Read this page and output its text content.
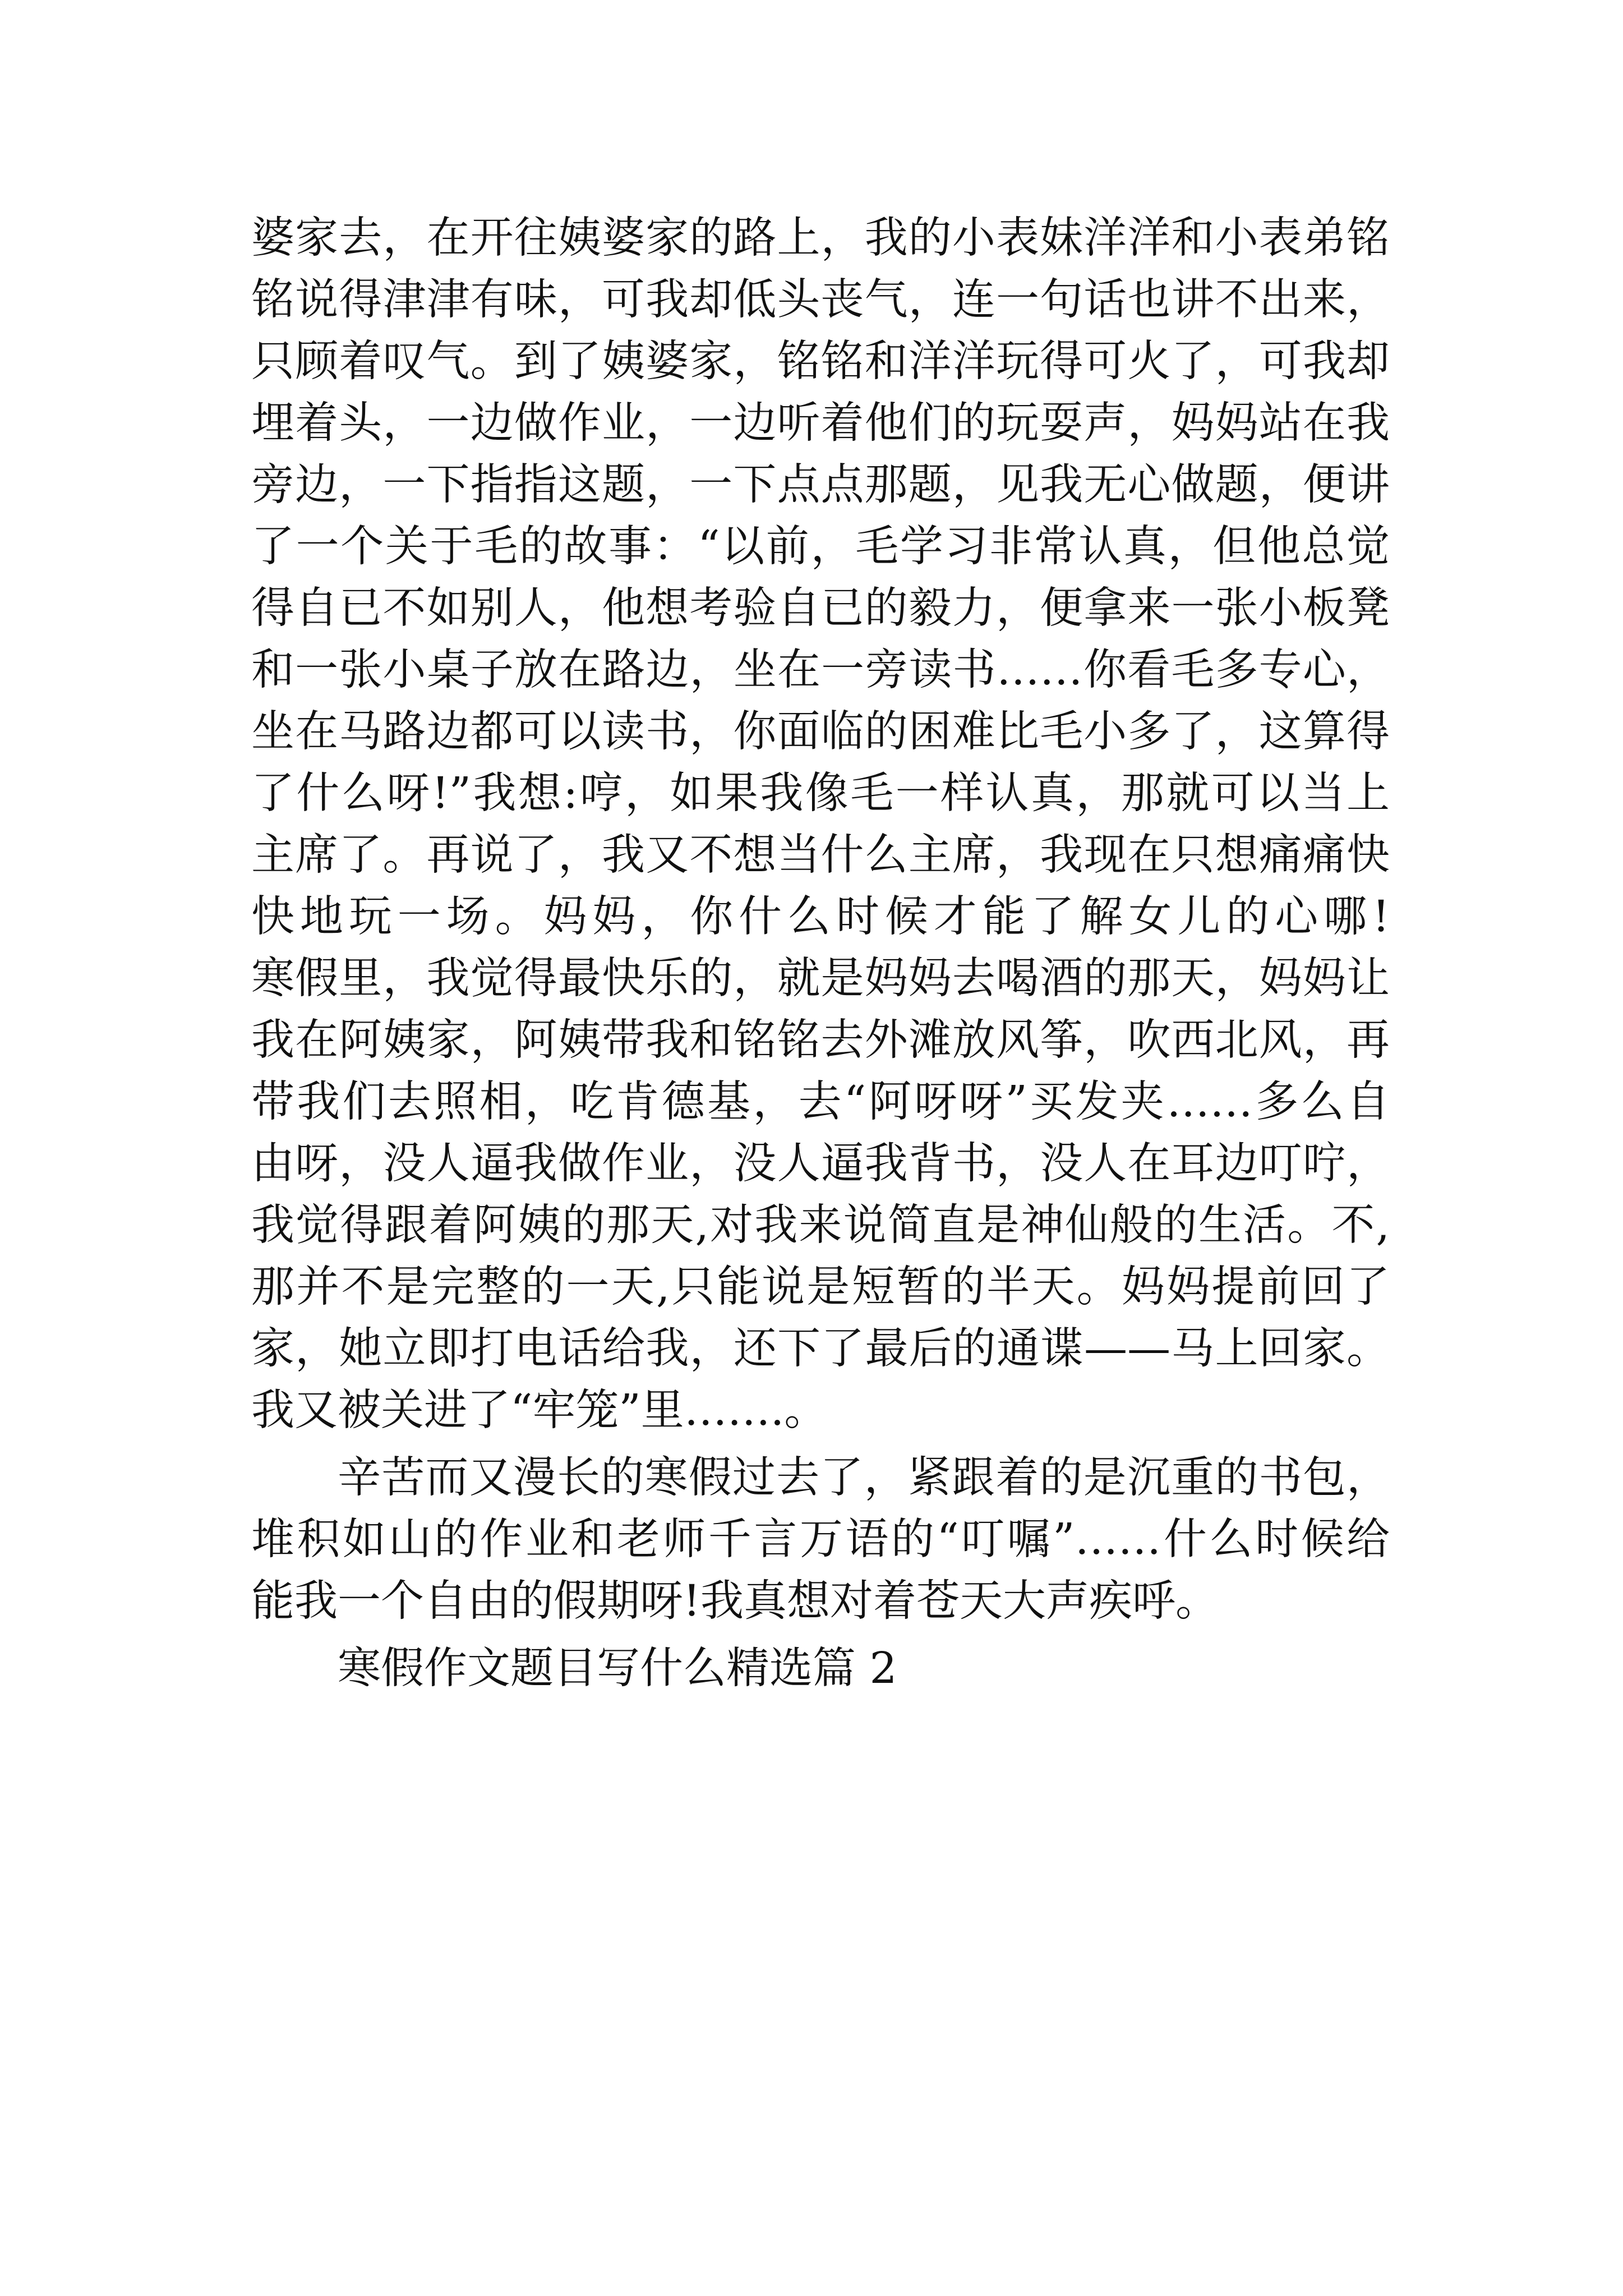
婆家去，在开往姨婆家的路上，我的小表妹洋洋和小表弟铭
铭说得津津有味，可我却低头丧气，连一句话也讲不出来，
只顾着叹气。到了姨婆家，铭铭和洋洋玩得可火了，可我却
埋着头，一边做作业，一边听着他们的玩耍声，妈妈站在我
旁边，一下指指这题，一下点点那题，见我无心做题，便讲
了一个关于毛的故事：“以前，毛学习非常认真，但他总觉
得自已不如别人，他想考验自已的毅力，便拿来一张小板凳
和一张小桌子放在路边，坐在一旁读书……你看毛多专心，
坐在马路边都可以读书，你面临的困难比毛小多了，这算得
了什么呀!”我想:哼，如果我像毛一样认真，那就可以当上
主席了。再说了，我又不想当什么主席，我现在只想痛痛快
快地玩一场。妈妈，你什么时候才能了解女儿的心哪!
寒假里，我觉得最快乐的，就是妈妈去喝酒的那天，妈妈让
我在阿姨家，阿姨带我和铭铭去外滩放风筝，吹西北风，再
带我们去照相，吃肯德基，去“阿呀呀”买发夹……多么自
由呀，没人逼我做作业，没人逼我背书，没人在耳边叮咛，
我觉得跟着阿姨的那天,对我来说简直是神仙般的生活。不,
那并不是完整的一天,只能说是短暂的半天。妈妈提前回了
家，她立即打电话给我，还下了最后的通谍——马上回家。
我又被关进了“牢笼”里…….。
辛苦而又漫长的寒假过去了，紧跟着的是沉重的书包，
堆积如山的作业和老师千言万语的“叮嘱”……什么时候给
能我一个自由的假期呀!我真想对着苍天大声疾呼。
寒假作文题目写什么精选篇 2
